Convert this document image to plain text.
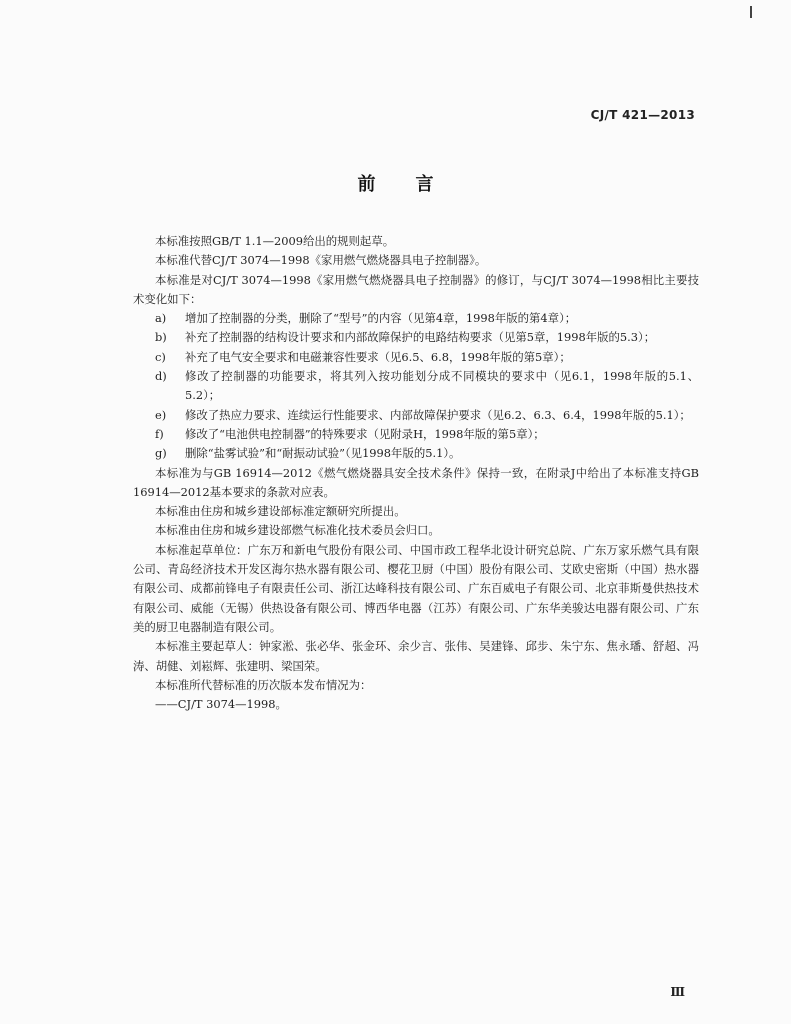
CJ/T 421—2013
前言

本标准按照GB/T 1.1—2009给出的规则起草。

本标准代替CJ/T 3074—1998《家用燃气燃烧器具电子控制器》。

本标准是对CJ/T 3074—1998《家用燃气燃烧器具电子控制器》的修订，与CJ/T 3074—1998相比主要技术变化如下：

a) 增加了控制器的分类，删除了“型号”的内容（见第4章，1998年版的第4章）；

b) 补充了控制器的结构设计要求和内部故障保护的电路结构要求（见第5章，1998年版的5.3）；

c) 补充了电气安全要求和电磁兼容性要求（见6.5、6.8，1998年版的第5章）；

d) 修改了控制器的功能要求，将其列入按功能划分成不同模块的要求中（见6.1，1998年版的5.1、5.2）；

e) 修改了热应力要求、连续运行性能要求、内部故障保护要求（见6.2、6.3、6.4，1998年版的5.1）；

f) 修改了“电池供电控制器”的特殊要求（见附录H，1998年版的第5章）；

g) 删除“盐雾试验”和“耐振动试验”（见1998年版的5.1）。

本标准为与GB 16914—2012《燃气燃烧器具安全技术条件》保持一致，在附录J中给出了本标准支持GB 16914—2012基本要求的条款对应表。

本标准由住房和城乡建设部标准定额研究所提出。

本标准由住房和城乡建设部燃气标准化技术委员会归口。

本标准起草单位：广东万和新电气股份有限公司、中国市政工程华北设计研究总院、广东万家乐燃气具有限公司、青岛经济技术开发区海尔热水器有限公司、樱花卫厨（中国）股份有限公司、艾欧史密斯（中国）热水器有限公司、成都前锋电子有限责任公司、浙江达峰科技有限公司、广东百威电子有限公司、北京菲斯曼供热技术有限公司、威能（无锡）供热设备有限公司、博西华电器（江苏）有限公司、广东华美骏达电器有限公司、广东美的厨卫电器制造有限公司。

本标准主要起草人：钟家淞、张必华、张金环、余少言、张伟、吴建锋、邱步、朱宁东、焦永璠、舒超、冯涛、胡健、刘崧辉、张建明、梁国荣。

本标准所代替标准的历次版本发布情况为：

——CJ/T 3074—1998。

Ⅲ
